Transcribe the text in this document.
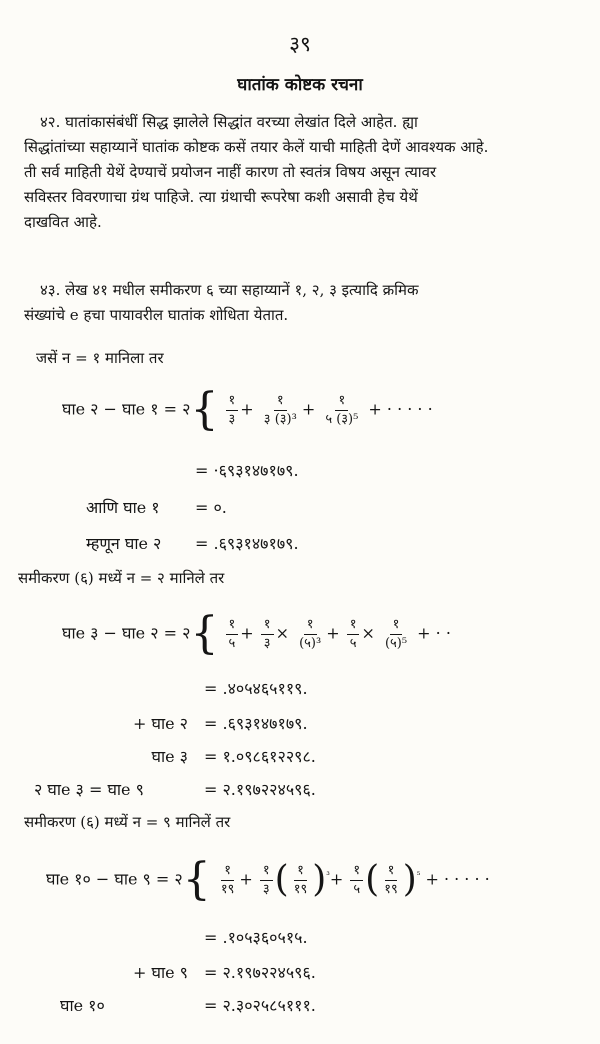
३९
घातांक कोष्टक रचना
४२. घातांकासंबंधीं सिद्ध झालेले सिद्धांत वरच्या लेखांत दिले आहेत. ह्या
सिद्धांतांच्या सहाय्यानें घातांक कोष्टक कसें तयार केलें याची माहिती देणें आवश्यक आहे.
ती सर्व माहिती येथें देण्याचें प्रयोजन नाहीं कारण तो स्वतंत्र विषय असून त्यावर
सविस्तर विवरणाचा ग्रंथ पाहिजे. त्या ग्रंथाची रूपरेषा कशी असावी हेच येथें
दाखवित आहे.
४३. लेख ४१ मधील समीकरण ६ च्या सहाय्यानें १, २, ३ इत्यादि क्रमिक
संख्यांचे e हचा पायावरील घातांक शोधिता येतात.
जसें न = १ मानिला तर
घाe २ − घाe १ = २{ $\frac{१}{३} + \frac{१}{\text{३ (३)³}} + \frac{१}{\text{५ (३)⁵}}$ + · · · · ·
= ·६९३१४७१७९.
आणि घाe १ = ०.
म्हणून घाe २ = .६९३१४७१७९.
समीकरण (६) मध्यें न = २ मानिले तर
घाe ३ − घाe २ = २{ $\frac{१}{५} + \frac{१}{३} \times \frac{१}{\text{(५)³}} + \frac{१}{५} \times \frac{१}{\text{(५)⁵}}$ + · ·
= .४०५४६५११९.
+ घाe २ = .६९३१४७१७९.
घाe ३ = १.०९८६१२२९८.
२ घाe ३ = घाe ९	= २.१९७२२४५९६.
समीकरण (६) मध्यें न = ९ मानिलें तर
घाe १० − घाe ९ = २{ $\frac{१}{१९} + \frac{१}{३}$ ( $\frac{१}{१९} )^{^3}+ \frac{१}{५}$ ( $\frac{१}{१९} )^{^5}$ + · · · · ·
= .१०५३६०५१५.
+ घाe ९ = २.१९७२२४५९६.
घाe १०	= २.३०२५८५१११.
